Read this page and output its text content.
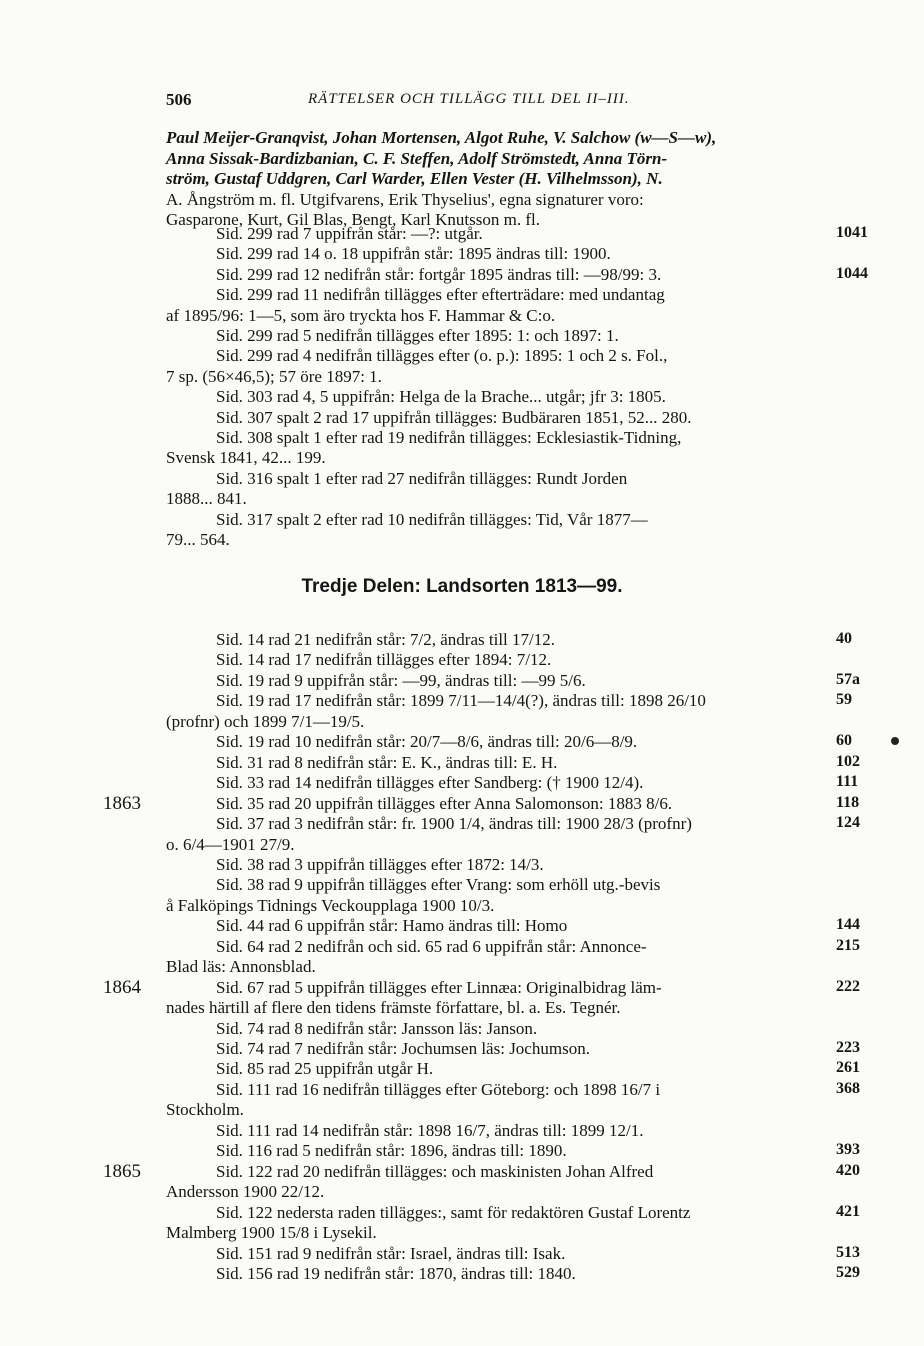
506	RÄTTELSER OCH TILLÄGG TILL DEL II–III.
Paul Meijer-Granqvist, Johan Mortensen, Algot Ruhe, V. Salchow (w—S—w),
Anna Sissak-Bardizbanian, C. F. Steffen, Adolf Strömstedt, Anna Törn-
ström, Gustaf Uddgren, Carl Warder, Ellen Vester (H. Vilhelmsson), N.
A. Ångström m. fl. Utgifvarens, Erik Thyselius', egna signaturer voro:
Gasparone, Kurt, Gil Blas, Bengt, Karl Knutsson m. fl.
Sid. 299 rad 7 uppifrån står: —?: utgår.	1041
Sid. 299 rad 14 o. 18 uppifrån står: 1895 ändras till: 1900.
Sid. 299 rad 12 nedifrån står: fortgår 1895 ändras till: —98/99: 3.	1044
Sid. 299 rad 11 nedifrån tillägges efter efterträdare: med undantag
af 1895/96: 1—5, som äro tryckta hos F. Hammar & C:o.
Sid. 299 rad 5 nedifrån tillägges efter 1895: 1: och 1897: 1.
Sid. 299 rad 4 nedifrån tillägges efter (o. p.): 1895: 1 och 2 s. Fol.,
7 sp. (56×46,5); 57 öre 1897: 1.
Sid. 303 rad 4, 5 uppifrån: Helga de la Brache... utgår; jfr 3: 1805.
Sid. 307 spalt 2 rad 17 uppifrån tillägges: Budbäraren 1851, 52... 280.
Sid. 308 spalt 1 efter rad 19 nedifrån tillägges: Ecklesiastik-Tidning,
Svensk 1841, 42... 199.
Sid. 316 spalt 1 efter rad 27 nedifrån tillägges: Rundt Jorden
1888... 841.
Sid. 317 spalt 2 efter rad 10 nedifrån tillägges: Tid, Vår 1877—
79... 564.
Tredje Delen: Landsorten 1813—99.
Sid. 14 rad 21 nedifrån står: 7/2, ändras till 17/12.	40
Sid. 14 rad 17 nedifrån tillägges efter 1894: 7/12.
Sid. 19 rad 9 uppifrån står: —99, ändras till: —99 5/6.	57a
Sid. 19 rad 17 nedifrån står: 1899 7/11—14/4(?), ändras till: 1898 26/10	59
(profnr) och 1899 7/1—19/5.
Sid. 19 rad 10 nedifrån står: 20/7—8/6, ändras till: 20/6—8/9.	60
Sid. 31 rad 8 nedifrån står: E. K., ändras till: E. H.	102
Sid. 33 rad 14 nedifrån tillägges efter Sandberg: († 1900 12/4).	111
Sid. 35 rad 20 uppifrån tillägges efter Anna Salomonson: 1883 8/6.	118
1863
Sid. 37 rad 3 nedifrån står: fr. 1900 1/4, ändras till: 1900 28/3 (profnr)	124
o. 6/4—1901 27/9.
Sid. 38 rad 3 uppifrån tillägges efter 1872: 14/3.
Sid. 38 rad 9 uppifrån tillägges efter Vrang: som erhöll utg.-bevis
å Falköpings Tidnings Veckoupplaga 1900 10/3.
Sid. 44 rad 6 uppifrån står: Hamo ändras till: Homo	144
Sid. 64 rad 2 nedifrån och sid. 65 rad 6 uppifrån står: Annonce-	215
Blad läs: Annonsblad.
Sid. 67 rad 5 uppifrån tillägges efter Linnæa: Originalbidrag läm-	222
1864
nades härtill af flere den tidens främste författare, bl. a. Es. Tegnér.
Sid. 74 rad 8 nedifrån står: Jansson läs: Janson.
Sid. 74 rad 7 nedifrån står: Jochumsen läs: Jochumson.	223
Sid. 85 rad 25 uppifrån utgår H.	261
Sid. 111 rad 16 nedifrån tillägges efter Göteborg: och 1898 16/7 i	368
Stockholm.
Sid. 111 rad 14 nedifrån står: 1898 16/7, ändras till: 1899 12/1.
Sid. 116 rad 5 nedifrån står: 1896, ändras till: 1890.	393
Sid. 122 rad 20 nedifrån tillägges: och maskinisten Johan Alfred	420
1865
Andersson 1900 22/12.
Sid. 122 nedersta raden tillägges:, samt för redaktören Gustaf Lorentz	421
Malmberg 1900 15/8 i Lysekil.
Sid. 151 rad 9 nedifrån står: Israel, ändras till: Isak.	513
Sid. 156 rad 19 nedifrån står: 1870, ändras till: 1840.	529
